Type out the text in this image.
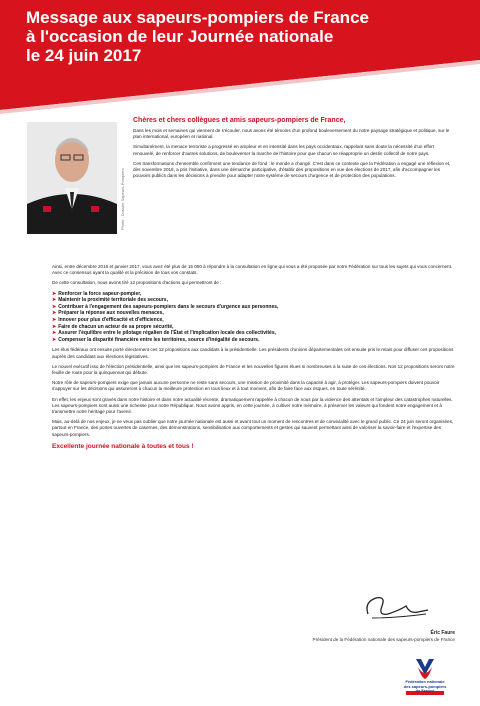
Message aux sapeurs-pompiers de France
à l'occasion de leur Journée nationale
le 24 juin 2017
Photo : Dossier Sapeurs-Pompiers
Chères et chers collègues et amis sapeurs-pompiers de France,

Dans les mois et semaines qui viennent de s'écouler, nous avons été témoins d'un profond bouleversement du notre paysage stratégique et politique, sur le plan international, européen et national.

Simultanément, la menace terroriste a progressé en ampleur et en intensité dans les pays occidentaux, rappelant sans doute la nécessité d'un effort renouvelé, de renforcer d'autres solutions, de bouleverser la marche de l'histoire pour que chacun se réapproprie un destin collectif de notre pays.

Ces transformations d'ensemble confirment une tendance de fond : le monde a changé. C'est dans ce contexte que la Fédération a engagé une réflexion et, dès novembre 2016, a pris l'initiative, dans une démarche participative, d'établir des propositions en vue des élections de 2017, afin d'accompagner les pouvoirs publics dans les décisions à prendre pour adapter notre système de secours d'urgence et de protection des populations.

Ainsi, entre décembre 2016 et janvier 2017, vous avez été plus de 15 000 à répondre à la consultation en ligne qui vous a été proposée par notre Fédération sur tous les sujets qui vous concernent. Avec ce consensus ayant la qualité et la précision de tous vos constats.

De cette consultation, nous avons tiré 12 propositions d'actions qui permettront de :

➤ Renforcer la force sapeur-pompier,
➤ Maintenir la proximité territoriale des secours,
➤ Contribuer à l'engagement des sapeurs-pompiers dans le secours d'urgence aux personnes,
➤ Préparer la réponse aux nouvelles menaces,
➤ Innover pour plus d'efficacité et d'efficience,
➤ Faire de chacun un acteur de sa propre sécurité,
➤ Assurer l'équilibre entre le pilotage régalien de l'État et l'implication locale des collectivités,
➤ Compenser la disparité financière entre les territoires, source d'inégalité de secours.

Les élus fédéraux ont ensuite porté directement ces 12 propositions aux candidats à la présidentielle. Les présidents d'unions départementales ont ensuite pris le relais pour diffuser ces propositions auprès des candidats aux élections législatives.

Le nouvel exécutif issu de l'élection présidentielle, ainsi que les sapeurs-pompiers de France et les nouvelles figures élues si nombreuses à la suite de ces élections. Nos 12 propositions seront notre feuille de route pour la quinquennat qui débute.

Notre rôle de sapeurs-pompiers exige que jamais aucune personne ne reste sans secours, une mission de proximité dans la capacité à agir, à protéger. Les sapeurs-pompiers doivent pouvoir s'appuyer sur les décisions qui assureront à chacun la meilleure protection en tous lieux et à tout moment, afin de faire face aux risques, en toute sérénité.

En effet, les enjeux sont gravés dans notre histoire et dans notre actualité récente, dramatiquement rappelée à chacun de nous par la violence des attentats et l'ampleur des catastrophes naturelles. Les sapeurs-pompiers sont aussi une richesse pour notre République. Nous avons appris, en cette journée, à cultiver notre mémoire, à préserver les valeurs qui fondent notre engagement et à transmettre notre héritage pour l'avenir.

Mais, au-delà de nos enjeux, je ne veux pas oublier que notre journée nationale est aussi et avant tout un moment de rencontres et de convivialité avec le grand public. Ce 24 juin seront organisées, partout en France, des portes ouvertes de casernes, des démonstrations, sensibilisation aux comportements et gestes qui sauvent permettant ainsi de valoriser la savoir-faire et l'expertise des sapeurs-pompiers.

Excellente journée nationale à toutes et tous !
Éric Faure
Président de la Fédération nationale des sapeurs-pompiers de France
Fédération nationale
des sapeurs-pompiers
de France
